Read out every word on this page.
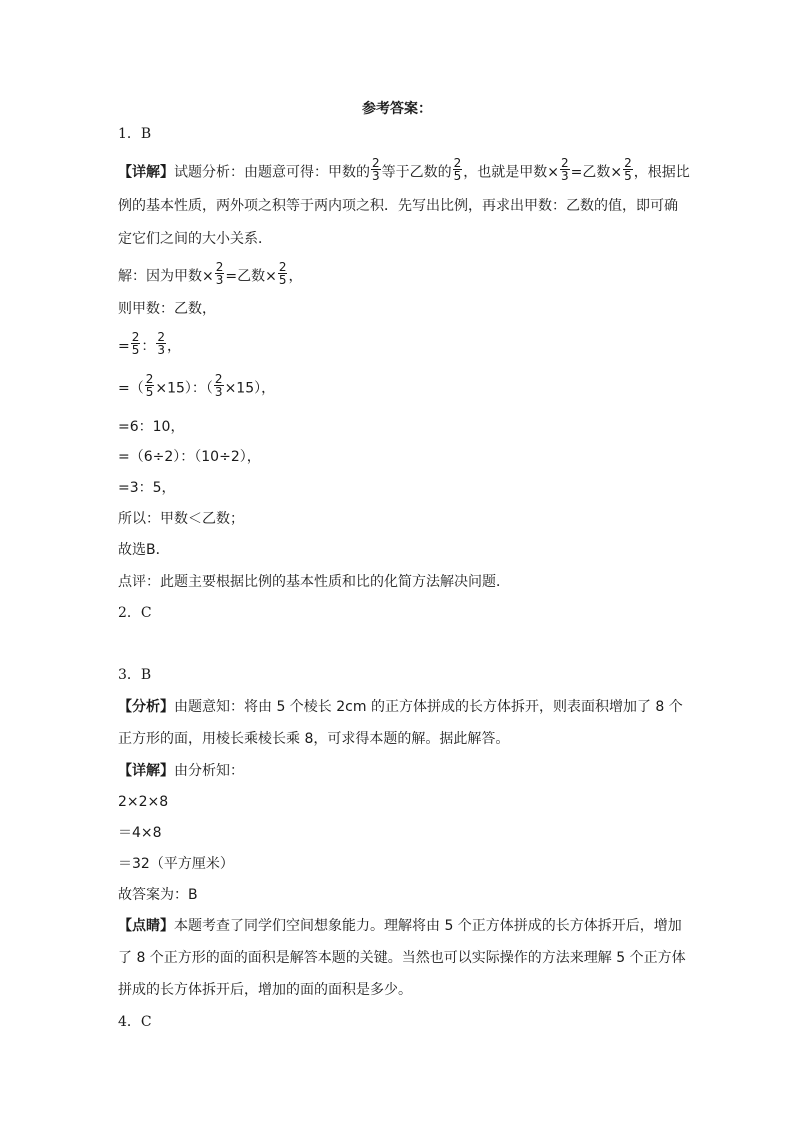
参考答案：
1．B
【详解】试题分析：由题意可得：甲数的 $\frac{2}{3}$ 等于乙数的 $\frac{2}{5}$ ，也就是甲数× $\frac{2}{3}$ =乙数× $\frac{2}{5}$ ，根据比
例的基本性质，两外项之积等于两内项之积．先写出比例，再求出甲数：乙数的值，即可确
定它们之间的大小关系．
解：因为甲数× $\frac{2}{3}$ =乙数× $\frac{2}{5}$ ，
则甲数：乙数，
= $\frac{2}{5}$ ： $\frac{2}{3}$ ，
=（ $\frac{2}{5} \times 15$）：（ $\frac{2}{3} \times 15$），
=6：10，
=（6÷2）：（10÷2），
=3：5，
所以：甲数＜乙数；
故选B．
点评：此题主要根据比例的基本性质和比的化简方法解决问题．
2．C
3．B
【分析】由题意知：将由 5 个棱长 2cm 的正方体拼成的长方体拆开，则表面积增加了 8 个
正方形的面，用棱长乘棱长乘 8，可求得本题的解。据此解答。
【详解】由分析知：
2×2×8
＝4×8
＝32（平方厘米）
故答案为：B
【点睛】本题考查了同学们空间想象能力。理解将由 5 个正方体拼成的长方体拆开后，增加
了 8 个正方形的面的面积是解答本题的关键。当然也可以实际操作的方法来理解 5 个正方体
拼成的长方体拆开后，增加的面的面积是多少。
4．C
